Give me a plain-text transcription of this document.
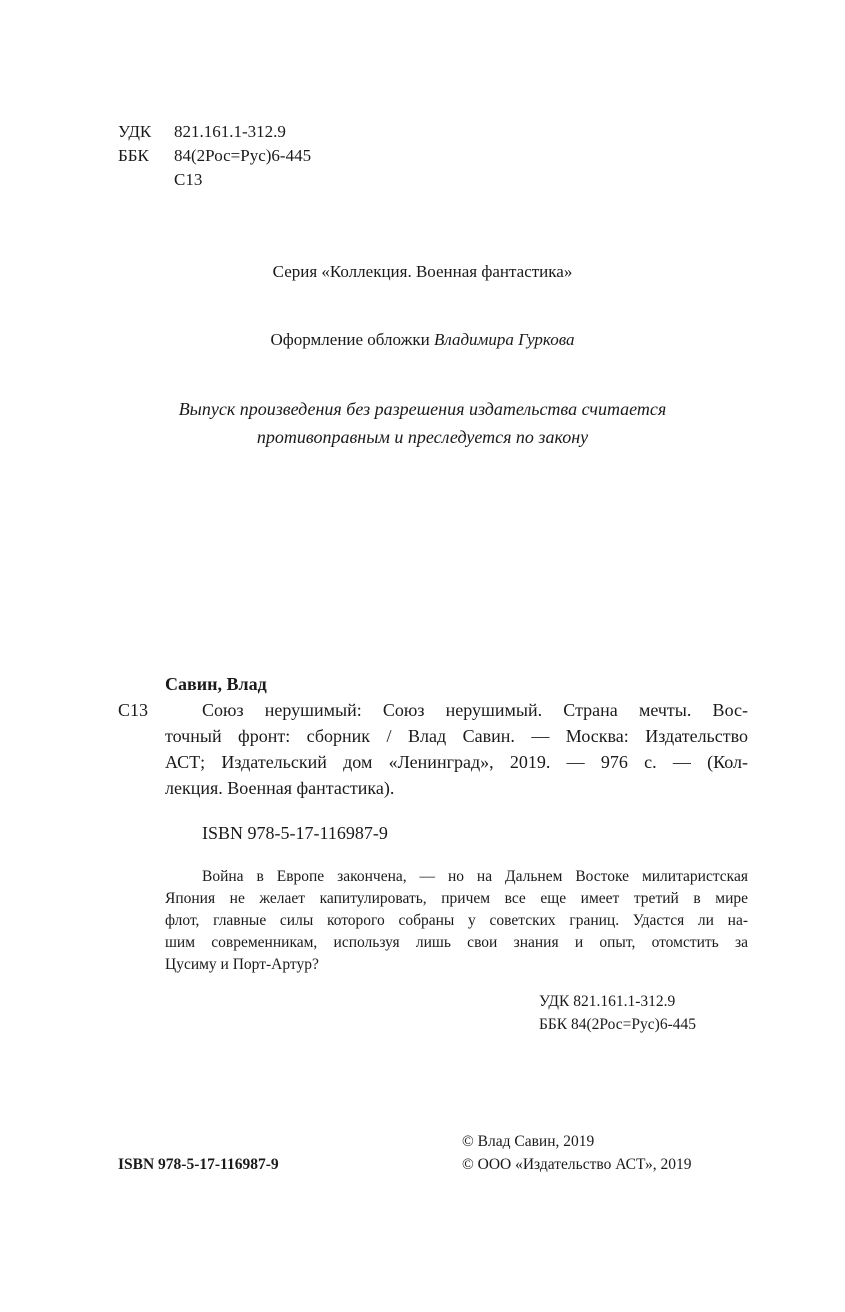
УДК 821.161.1-312.9
ББК 84(2Рос=Рус)6-445
С13
Серия «Коллекция. Военная фантастика»
Оформление обложки Владимира Гуркова
Выпуск произведения без разрешения издательства считается
противоправным и преследуется по закону
Савин, Влад
С13	Союз нерушимый: Союз нерушимый. Страна мечты. Вос-
точный фронт: сборник / Влад Савин. — Москва: Издательство
АСТ; Издательский дом «Ленинград», 2019. — 976 с. — (Кол-
лекция. Военная фантастика).
ISBN 978-5-17-116987-9
Война в Европе закончена, — но на Дальнем Востоке милитаристская
Япония не желает капитулировать, причем все еще имеет третий в мире
флот, главные силы которого собраны у советских границ. Удастся ли на-
шим современникам, используя лишь свои знания и опыт, отомстить за
Цусиму и Порт-Артур?
УДК 821.161.1-312.9
ББК 84(2Рос=Рус)6-445
© Влад Савин, 2019
ISBN 978-5-17-116987-9	© ООО «Издательство АСТ», 2019
